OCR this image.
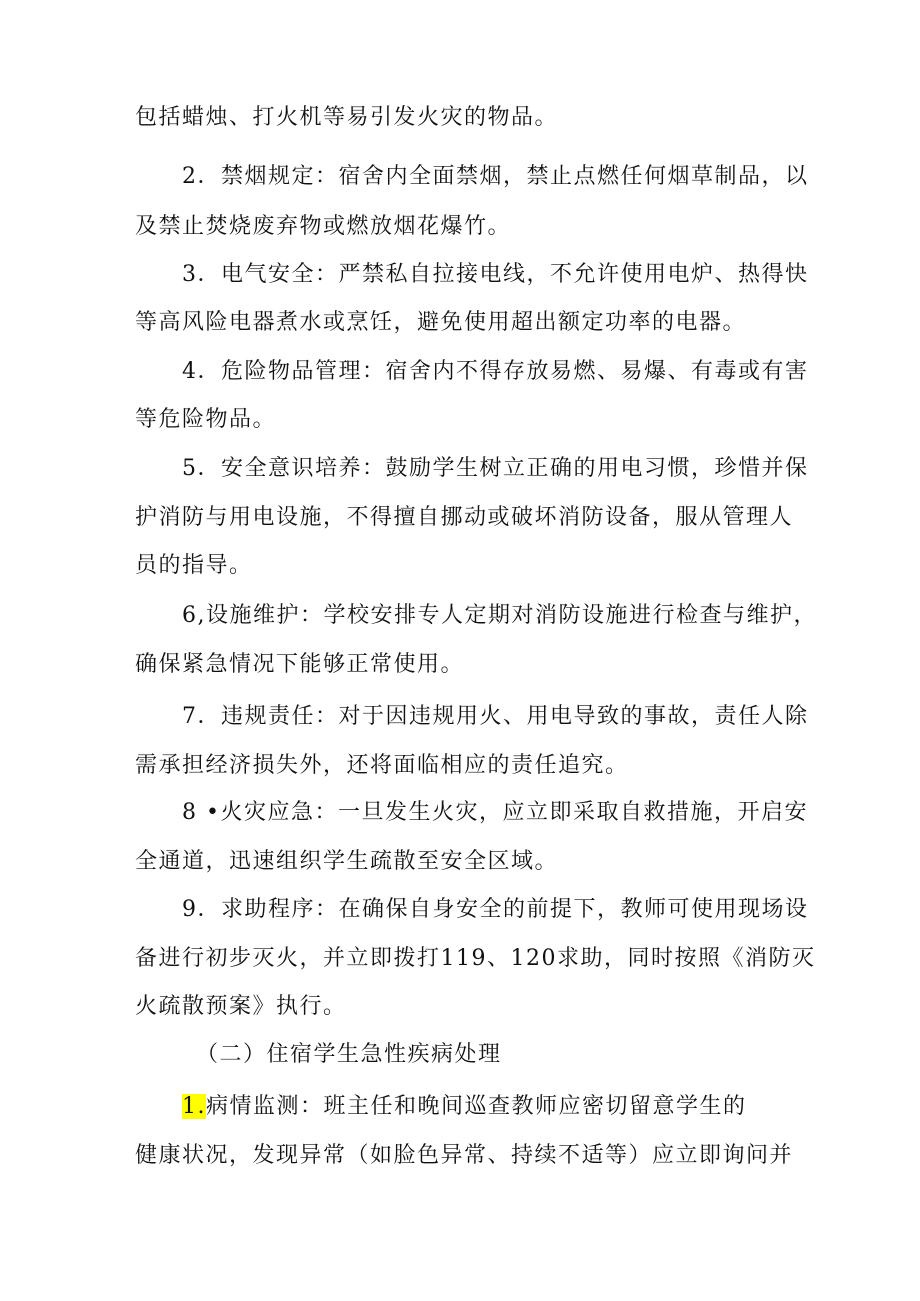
包括蜡烛、打火机等易引发火灾的物品。
2．禁烟规定：宿舍内全面禁烟，禁止点燃任何烟草制品，以
及禁止焚烧废弃物或燃放烟花爆竹。
3．电气安全：严禁私自拉接电线，不允许使用电炉、热得快
等高风险电器煮水或烹饪，避免使用超出额定功率的电器。
4．危险物品管理：宿舍内不得存放易燃、易爆、有毒或有害
等危险物品。
5．安全意识培养：鼓励学生树立正确的用电习惯，珍惜并保
护消防与用电设施，不得擅自挪动或破坏消防设备，服从管理人
员的指导。
6,设施维护：学校安排专人定期对消防设施进行检查与维护，
确保紧急情况下能够正常使用。
7．违规责任：对于因违规用火、用电导致的事故，责任人除
需承担经济损失外，还将面临相应的责任追究。
8 •火灾应急：一旦发生火灾，应立即采取自救措施，开启安
全通道，迅速组织学生疏散至安全区域。
9．求助程序：在确保自身安全的前提下，教师可使用现场设
备进行初步灭火，并立即拨打119、120求助，同时按照《消防灭
火疏散预案》执行。
（二）住宿学生急性疾病处理
1.病情监测：班主任和晚间巡查教师应密切留意学生的
健康状况，发现异常（如脸色异常、持续不适等）应立即询问并
